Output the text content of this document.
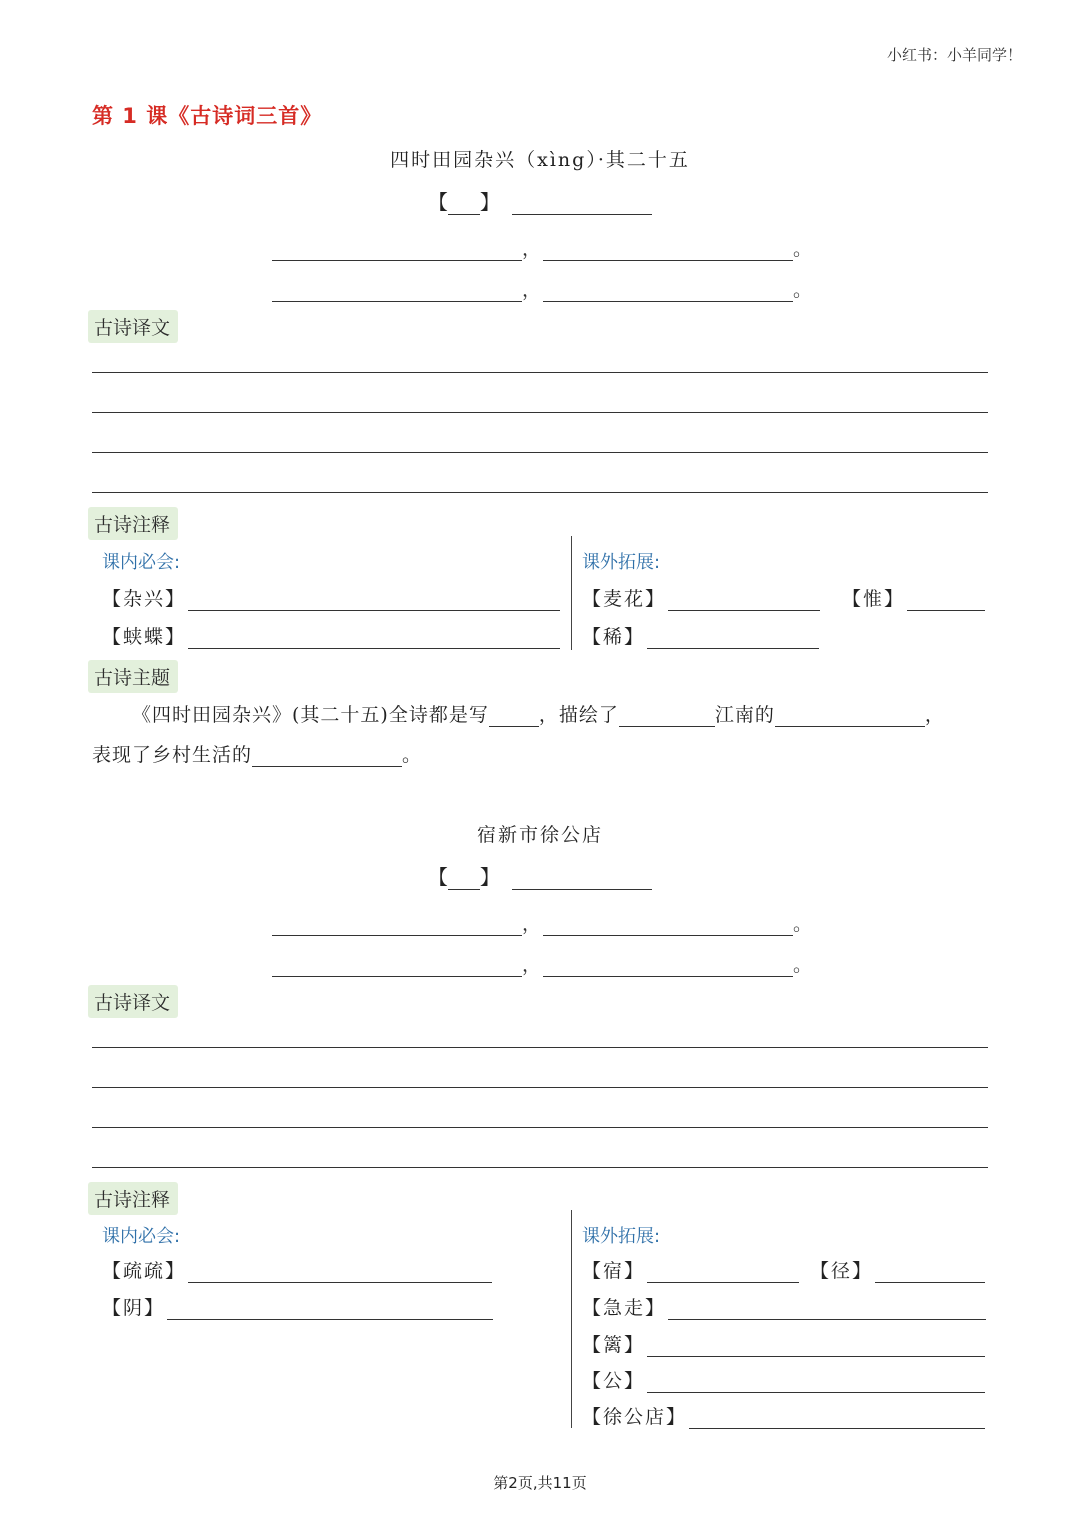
小红书：小羊同学！
第 1 课《古诗词三首》
四时田园杂兴（xìng）·其二十五
【 】
，	。
，	。
古诗译文
古诗注释
课内必会:	课外拓展:
【杂兴】
【蛱蝶】
【麦花】	【惟】
【稀】
古诗主题
《四时田园杂兴》(其二十五)全诗都是写	，描绘了	江南的	，
表现了乡村生活的	。
宿新市徐公店
【 】
，	。
，	。
古诗译文
古诗注释
课内必会:	课外拓展:
【疏疏】
【阴】
【宿】	【径】
【急走】
【篱】
【公】
【徐公店】
第2页,共11页
